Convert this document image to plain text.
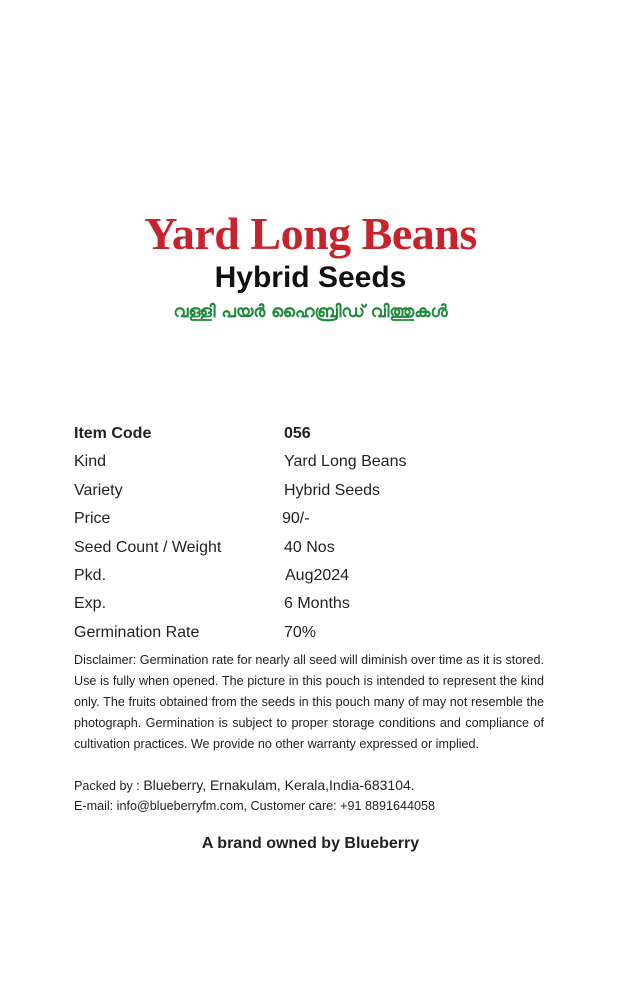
Yard Long Beans
Hybrid Seeds
വള്ളി പയർ ഹൈബ്രിഡ് വിത്തുകൾ
Item Code	056
Kind	Yard Long Beans
Variety	Hybrid Seeds
Price	90/-
Seed Count / Weight	40 Nos
Pkd.	Aug2024
Exp.	6 Months
Germination Rate	70%
Disclaimer: Germination rate for nearly all seed will diminish over time as it is stored. Use is fully when opened. The picture in this pouch is intended to represent the kind only. The fruits obtained from the seeds in this pouch many of may not resemble the photograph. Germination is subject to proper storage conditions and compliance of cultivation practices. We provide no other warranty expressed or implied.
Packed by : Blueberry, Ernakulam, Kerala,India-683104.
E-mail: info@blueberryfm.com, Customer care: +91 8891644058
A brand owned by Blueberry
